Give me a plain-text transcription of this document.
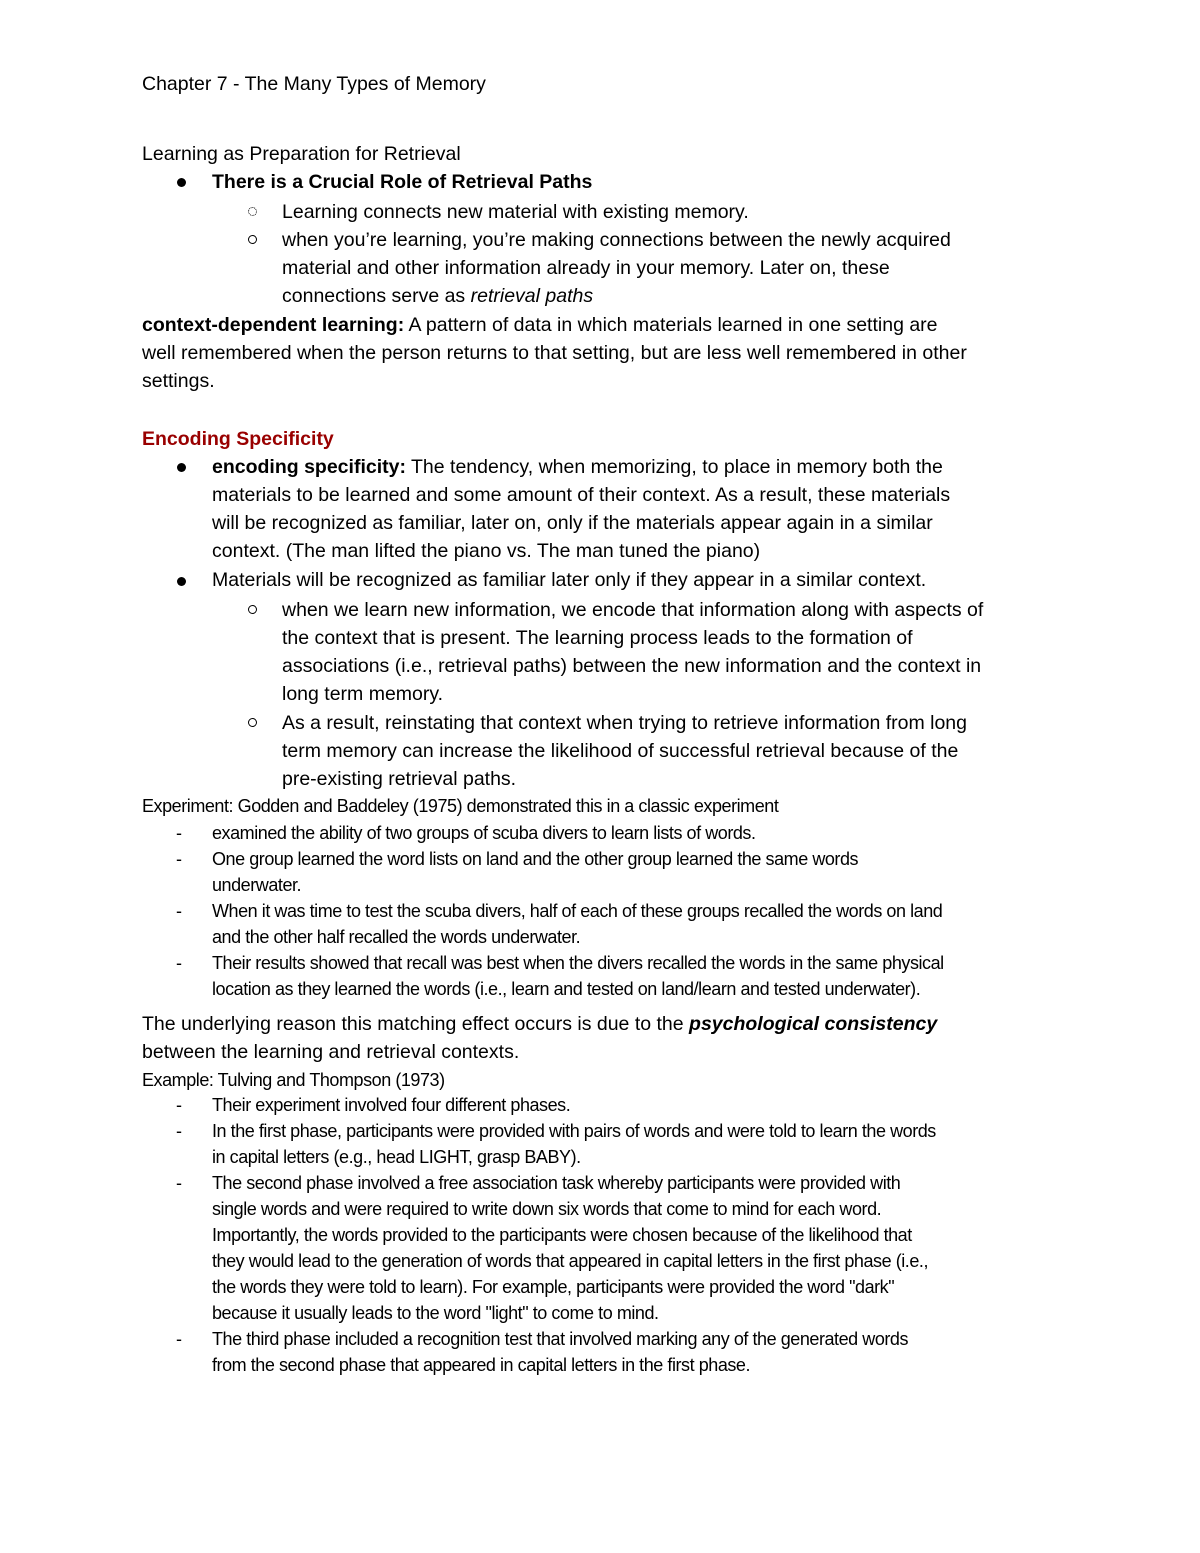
Chapter 7 - The Many Types of Memory
Learning as Preparation for Retrieval
There is a Crucial Role of Retrieval Paths
Learning connects new material with existing memory.
when you’re learning, you’re making connections between the newly acquired
material and other information already in your memory. Later on, these
connections serve as retrieval paths
context-dependent learning: A pattern of data in which materials learned in one setting are
well remembered when the person returns to that setting, but are less well remembered in other
settings.
Encoding Specificity
encoding specificity: The tendency, when memorizing, to place in memory both the
materials to be learned and some amount of their context. As a result, these materials
will be recognized as familiar, later on, only if the materials appear again in a similar
context. (The man lifted the piano vs. The man tuned the piano)
Materials will be recognized as familiar later only if they appear in a similar context.
when we learn new information, we encode that information along with aspects of
the context that is present. The learning process leads to the formation of
associations (i.e., retrieval paths) between the new information and the context in
long term memory.
As a result, reinstating that context when trying to retrieve information from long
term memory can increase the likelihood of successful retrieval because of the
pre-existing retrieval paths.
Experiment: Godden and Baddeley (1975) demonstrated this in a classic experiment
- examined the ability of two groups of scuba divers to learn lists of words.
- One group learned the word lists on land and the other group learned the same words
underwater.
- When it was time to test the scuba divers, half of each of these groups recalled the words on land
and the other half recalled the words underwater.
- Their results showed that recall was best when the divers recalled the words in the same physical
location as they learned the words (i.e., learn and tested on land/learn and tested underwater).
The underlying reason this matching effect occurs is due to the psychological consistency
between the learning and retrieval contexts.
Example: Tulving and Thompson (1973)
- Their experiment involved four different phases.
- In the first phase, participants were provided with pairs of words and were told to learn the words
in capital letters (e.g., head LIGHT, grasp BABY).
- The second phase involved a free association task whereby participants were provided with
single words and were required to write down six words that come to mind for each word.
Importantly, the words provided to the participants were chosen because of the likelihood that
they would lead to the generation of words that appeared in capital letters in the first phase (i.e.,
the words they were told to learn). For example, participants were provided the word "dark"
because it usually leads to the word "light" to come to mind.
- The third phase included a recognition test that involved marking any of the generated words
from the second phase that appeared in capital letters in the first phase.
